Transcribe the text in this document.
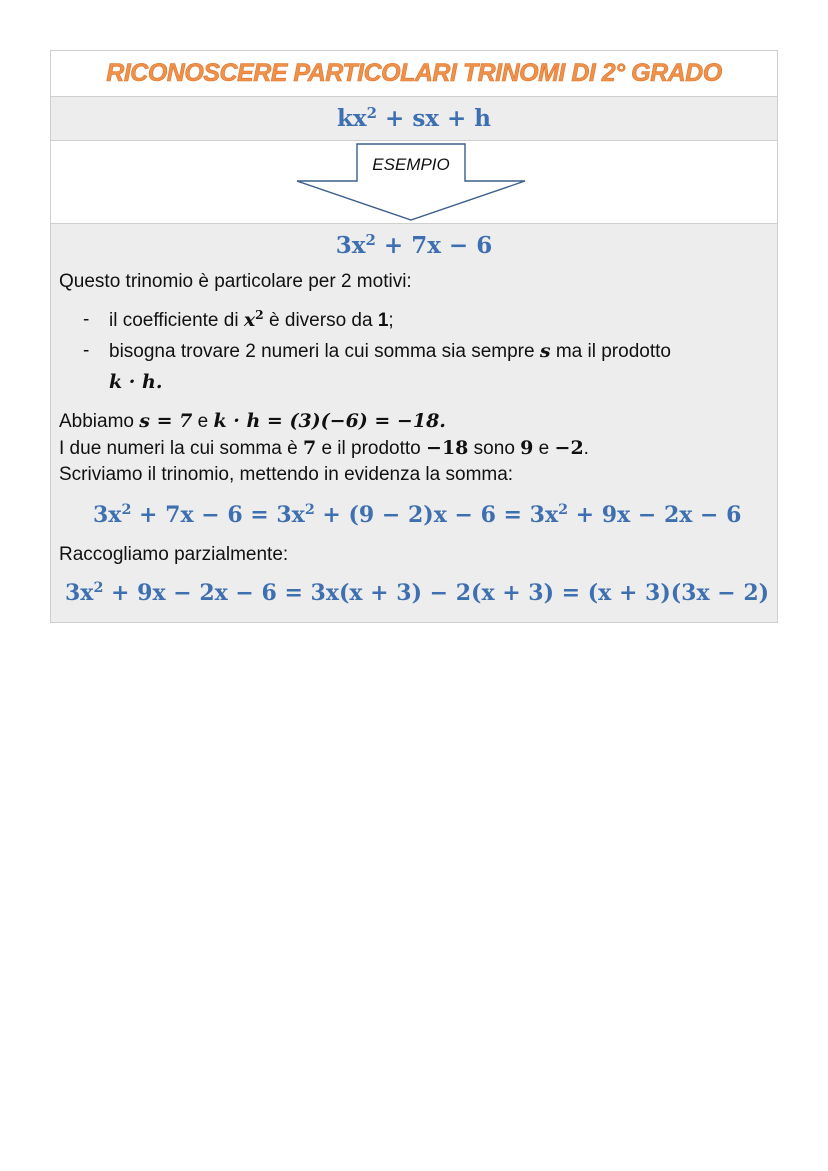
RICONOSCERE PARTICOLARI TRINOMI DI 2° GRADO
$kx^2$ + sx + h
ESEMPIO
$3x^2 + 7x - 6$

Questo trinomio è particolare per 2 motivi:

- il coefficiente di $x^2$ è diverso da 1;
- bisogna trovare 2 numeri la cui somma sia sempre s ma il prodotto
k · h.

Abbiamo s = 7 e k · h = (3)(−6) = −18.

I due numeri la cui somma è 7 e il prodotto −18 sono 9 e −2.

Scriviamo il trinomio, mettendo in evidenza la somma:

$3x^2 + 7x - 6 = 3x^2 + (9 - 2)x - 6 = 3x^2 + 9x - 2x - 6$

Raccogliamo parzialmente:

$3x^2 + 9x - 2x - 6 = 3x(x + 3) - 2(x + 3) = (x + 3)(3x - 2)$
